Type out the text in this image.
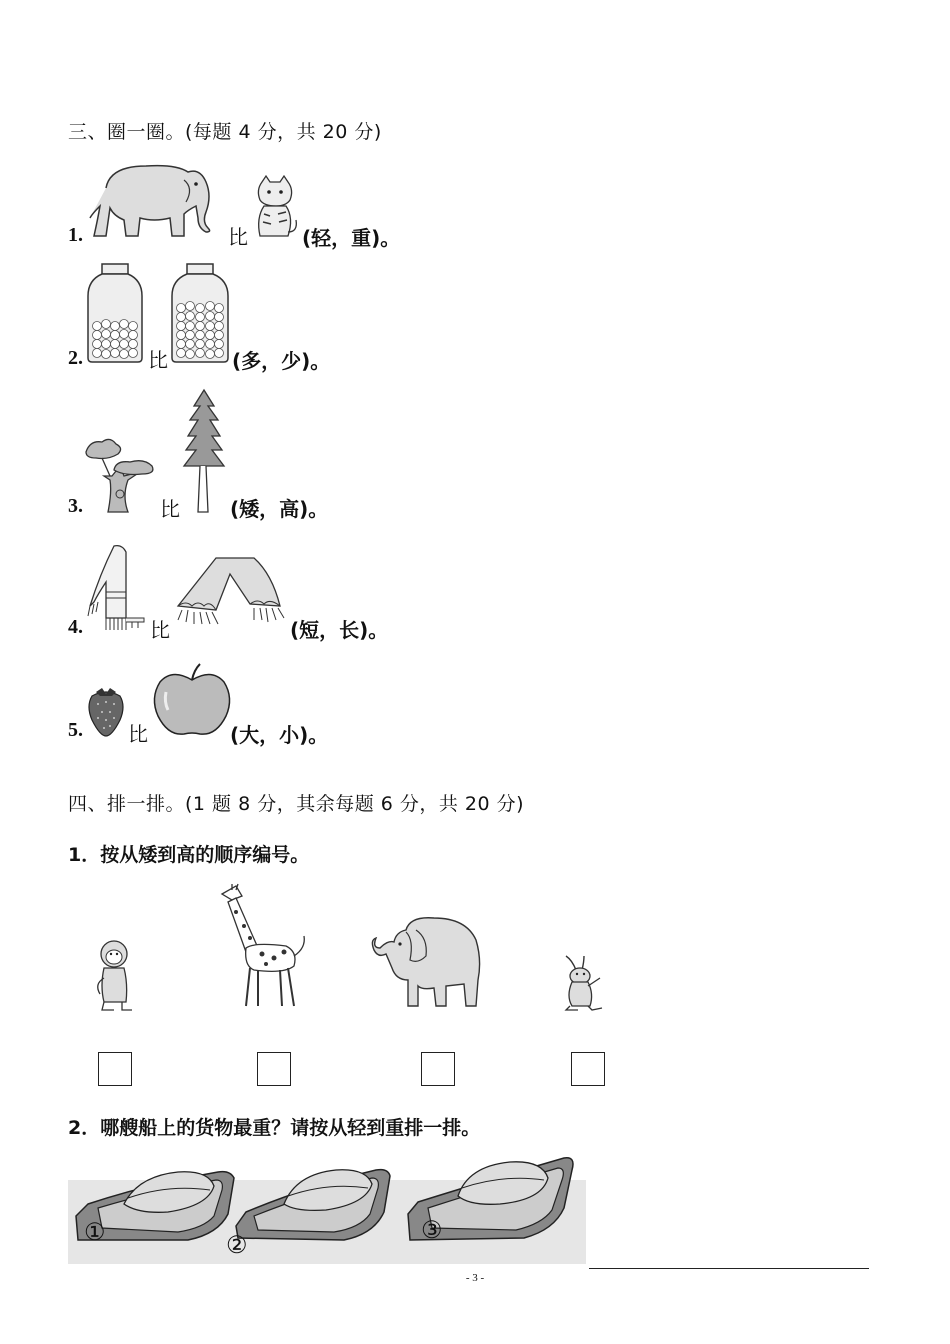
三、圈一圈。(每题 4 分，共 20 分)
1.	比	(轻，重)。
2.	比	(多，少)。
3.	比	(矮，高)。
4.	比	(短，长)。
5. 比	(大，小)。
四、排一排。(1 题 8 分，其余每题 6 分，共 20 分)
1．按从矮到高的顺序编号。
2．哪艘船上的货物最重？请按从轻到重排一排。
①	②
③
- 3 -
